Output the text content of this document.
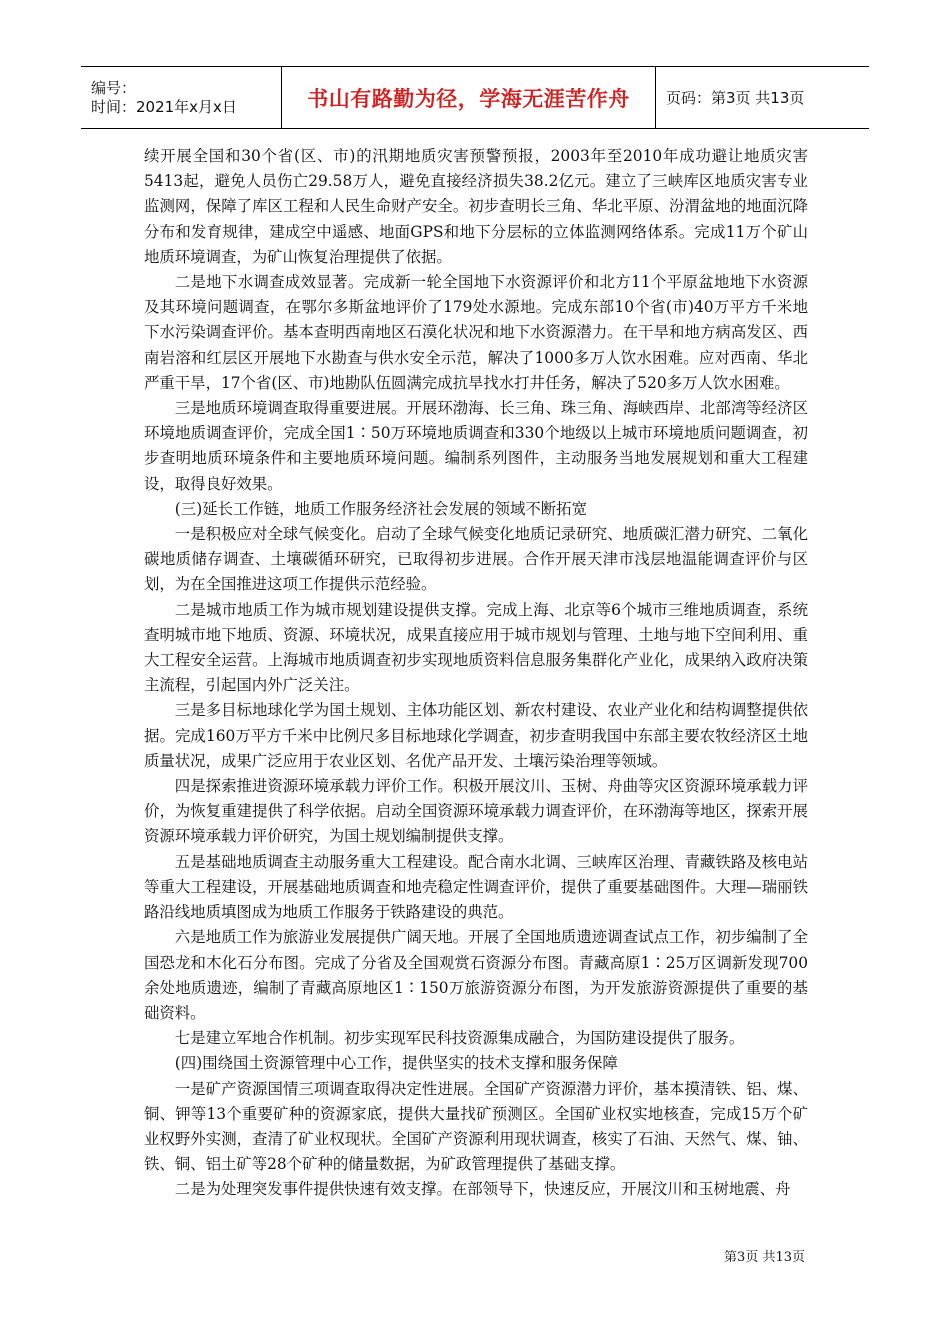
编号：
时间：2021年x月x日	书山有路勤为径，学海无涯苦作舟 页码：第3页 共13页

续开展全国和30个省(区、市)的汛期地质灾害预警预报，2003年至2010年成功避让地质灾害5413起，避免人员伤亡29.58万人，避免直接经济损失38.2亿元。建立了三峡库区地质灾害专业监测网，保障了库区工程和人民生命财产安全。初步查明长三角、华北平原、汾渭盆地的地面沉降分布和发育规律，建成空中遥感、地面GPS和地下分层标的立体监测网络体系。完成11万个矿山地质环境调查，为矿山恢复治理提供了依据。

二是地下水调查成效显著。完成新一轮全国地下水资源评价和北方11个平原盆地地下水资源及其环境问题调查，在鄂尔多斯盆地评价了179处水源地。完成东部10个省(市)40万平方千米地下水污染调查评价。基本查明西南地区石漠化状况和地下水资源潜力。在干旱和地方病高发区、西南岩溶和红层区开展地下水勘查与供水安全示范，解决了1000多万人饮水困难。应对西南、华北严重干旱，17个省(区、市)地勘队伍圆满完成抗旱找水打井任务，解决了520多万人饮水困难。

三是地质环境调查取得重要进展。开展环渤海、长三角、珠三角、海峡西岸、北部湾等经济区环境地质调查评价，完成全国1∶50万环境地质调查和330个地级以上城市环境地质问题调查，初步查明地质环境条件和主要地质环境问题。编制系列图件，主动服务当地发展规划和重大工程建设，取得良好效果。

(三)延长工作链，地质工作服务经济社会发展的领域不断拓宽

一是积极应对全球气候变化。启动了全球气候变化地质记录研究、地质碳汇潜力研究、二氧化碳地质储存调查、土壤碳循环研究，已取得初步进展。合作开展天津市浅层地温能调查评价与区划，为在全国推进这项工作提供示范经验。

二是城市地质工作为城市规划建设提供支撑。完成上海、北京等6个城市三维地质调查，系统查明城市地下地质、资源、环境状况，成果直接应用于城市规划与管理、土地与地下空间利用、重大工程安全运营。上海城市地质调查初步实现地质资料信息服务集群化产业化，成果纳入政府决策主流程，引起国内外广泛关注。

三是多目标地球化学为国土规划、主体功能区划、新农村建设、农业产业化和结构调整提供依据。完成160万平方千米中比例尺多目标地球化学调查，初步查明我国中东部主要农牧经济区土地质量状况，成果广泛应用于农业区划、名优产品开发、土壤污染治理等领域。

四是探索推进资源环境承载力评价工作。积极开展汶川、玉树、舟曲等灾区资源环境承载力评价，为恢复重建提供了科学依据。启动全国资源环境承载力调查评价，在环渤海等地区，探索开展资源环境承载力评价研究，为国土规划编制提供支撑。

五是基础地质调查主动服务重大工程建设。配合南水北调、三峡库区治理、青藏铁路及核电站等重大工程建设，开展基础地质调查和地壳稳定性调查评价，提供了重要基础图件。大理—瑞丽铁路沿线地质填图成为地质工作服务于铁路建设的典范。

六是地质工作为旅游业发展提供广阔天地。开展了全国地质遗迹调查试点工作，初步编制了全国恐龙和木化石分布图。完成了分省及全国观赏石资源分布图。青藏高原1∶25万区调新发现700余处地质遗迹，编制了青藏高原地区1∶150万旅游资源分布图，为开发旅游资源提供了重要的基础资料。

七是建立军地合作机制。初步实现军民科技资源集成融合，为国防建设提供了服务。

(四)围绕国土资源管理中心工作，提供坚实的技术支撑和服务保障

一是矿产资源国情三项调查取得决定性进展。全国矿产资源潜力评价，基本摸清铁、铝、煤、铜、钾等13个重要矿种的资源家底，提供大量找矿预测区。全国矿业权实地核查，完成15万个矿业权野外实测，查清了矿业权现状。全国矿产资源利用现状调查，核实了石油、天然气、煤、铀、铁、铜、铝土矿等28个矿种的储量数据，为矿政管理提供了基础支撑。

二是为处理突发事件提供快速有效支撑。在部领导下，快速反应，开展汶川和玉树地震、舟

第3页 共13页
